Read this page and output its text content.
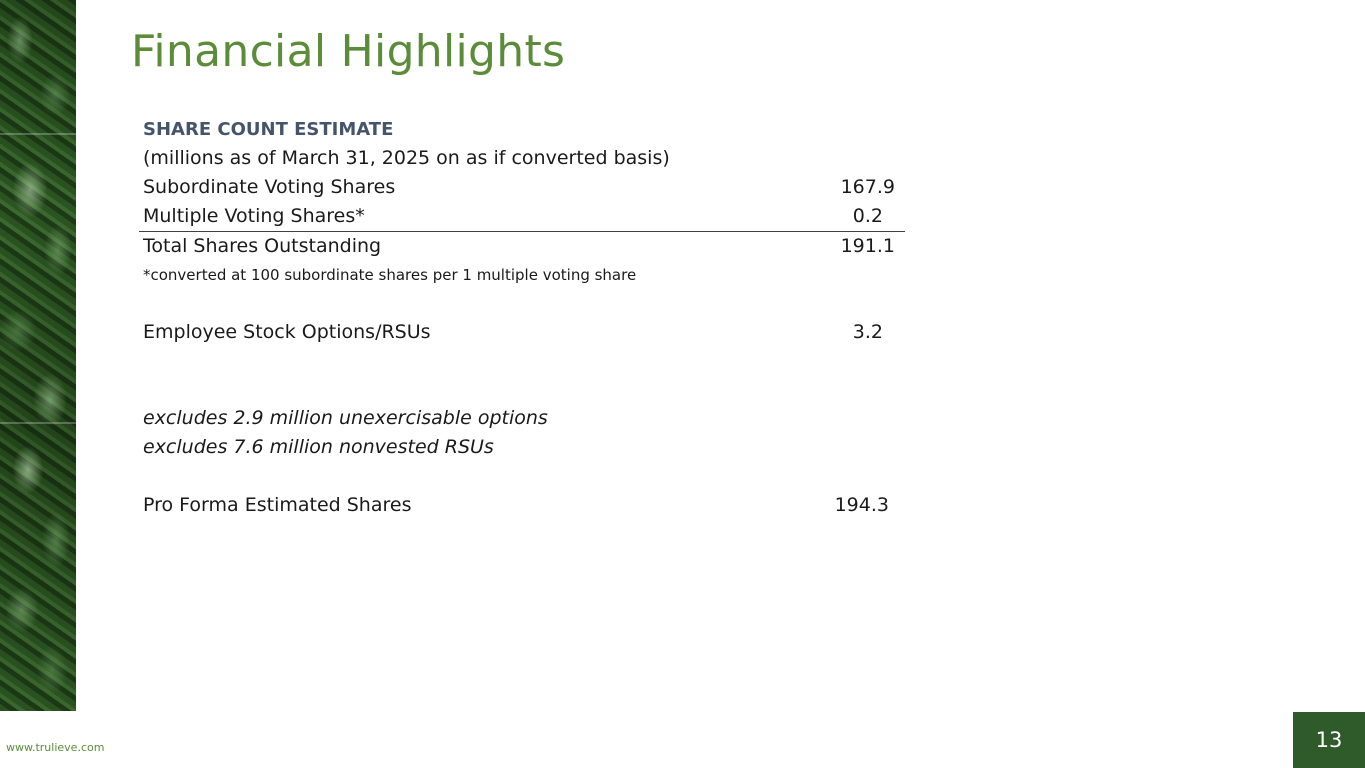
Financial Highlights
SHARE COUNT ESTIMATE
(millions as of March 31, 2025 on as if converted basis)
Subordinate Voting Shares	167.9
Multiple Voting Shares*	0.2
Total Shares Outstanding	191.1
*converted at 100 subordinate shares per 1 multiple voting share
Employee Stock Options/RSUs	3.2
excludes 2.9 million unexercisable options
excludes 7.6 million nonvested RSUs
Pro Forma Estimated Shares	194.3
www.trulieve.com	13
